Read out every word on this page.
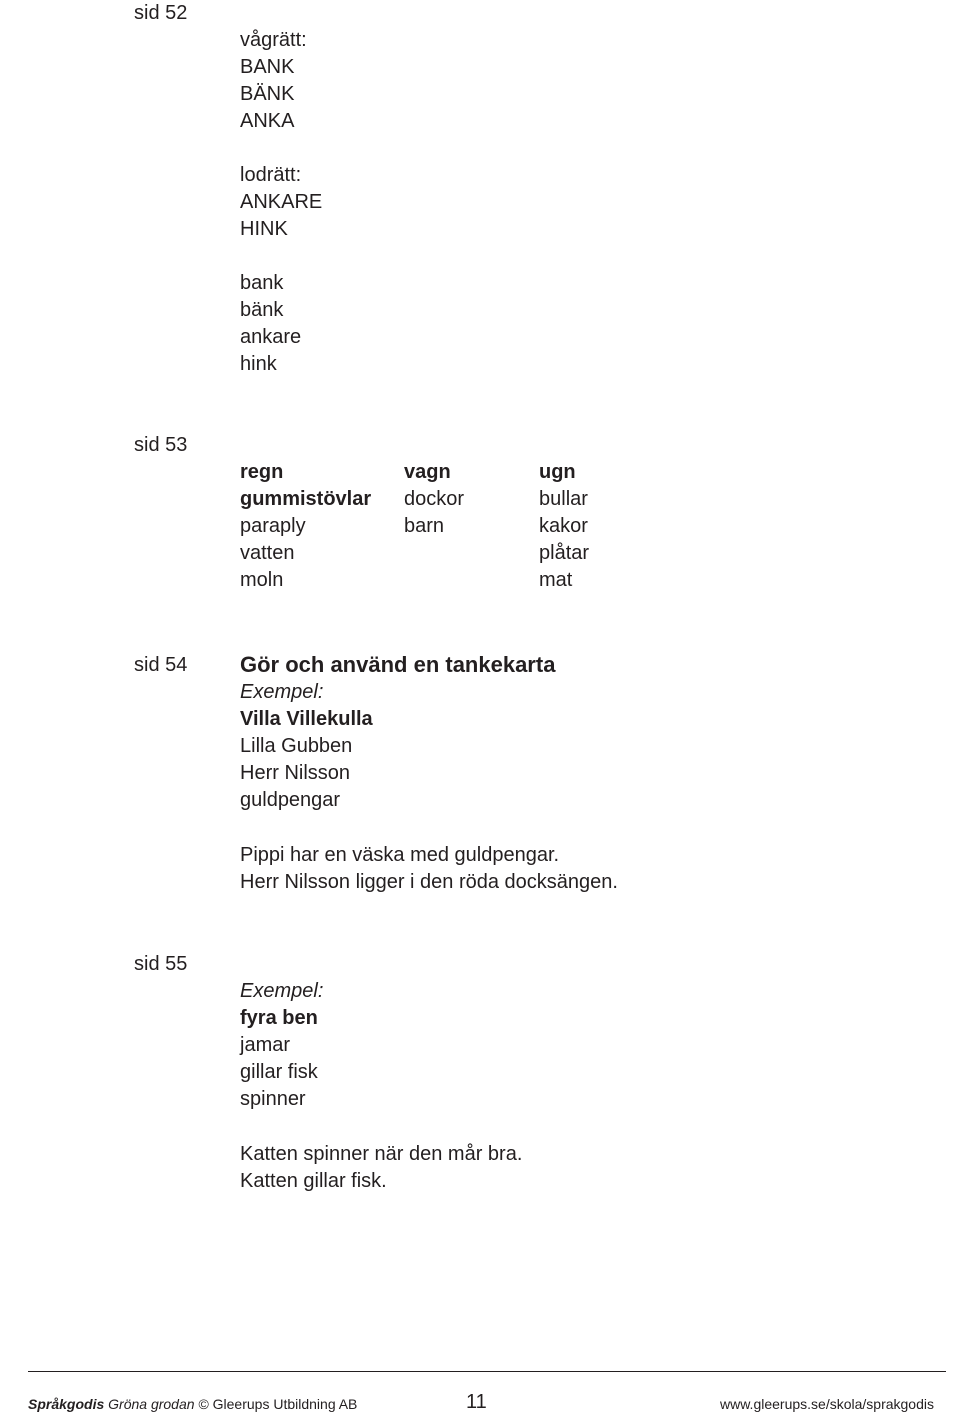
sid 52
vågrätt:
BANK
BÄNK
ANKA
lodrätt:
ANKARE
HINK
bank
bänk
ankare
hink
sid 53
regn
gummistövlar
paraply
vatten
moln
vagn
dockor
barn
ugn
bullar
kakor
plåtar
mat
sid 54 Gör och använd en tankekarta
Exempel:
Villa Villekulla
Lilla Gubben
Herr Nilsson
guldpengar
Pippi har en väska med guldpengar.
Herr Nilsson ligger i den röda docksängen.
sid 55
Exempel:
fyra ben
jamar
gillar fisk
spinner
Katten spinner när den mår bra.
Katten gillar fisk.
Språkgodis Gröna grodan © Gleerups Utbildning AB	11	www.gleerups.se/skola/sprakgodis
